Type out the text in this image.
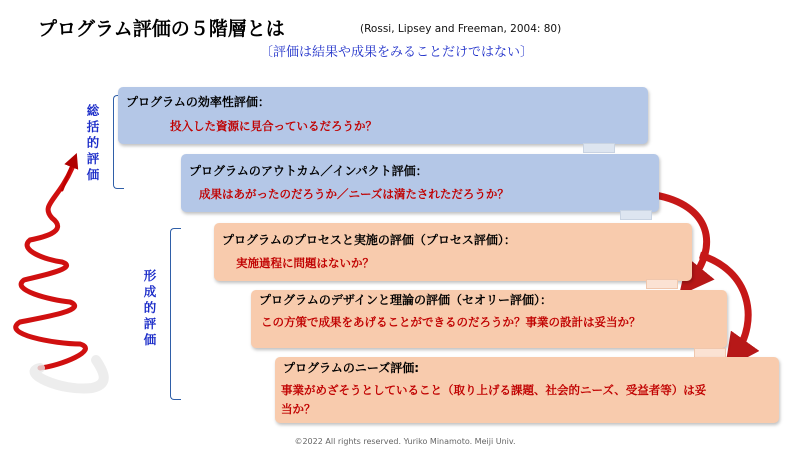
プログラム評価の５階層とは	(Rossi, Lipsey and Freeman, 2004: 80)
〔評価は結果や成果をみることだけではない〕
総括的評価
形成的評価
プログラムの効率性評価：
投入した資源に見合っているだろうか？
プログラムのアウトカム／インパクト評価：
成果はあがったのだろうか／ニーズは満たされただろうか？
プログラムのプロセスと実施の評価（プロセス評価）：
実施過程に問題はないか？
プログラムのデザインと理論の評価（セオリー評価）：
この方策で成果をあげることができるのだろうか？事業の設計は妥当か？
プログラムのニーズ評価:
事業がめざそうとしていること（取り上げる課題、社会的ニーズ、受益者等）は妥当か？
©2022 All rights reserved. Yuriko Minamoto. Meiji Univ.
